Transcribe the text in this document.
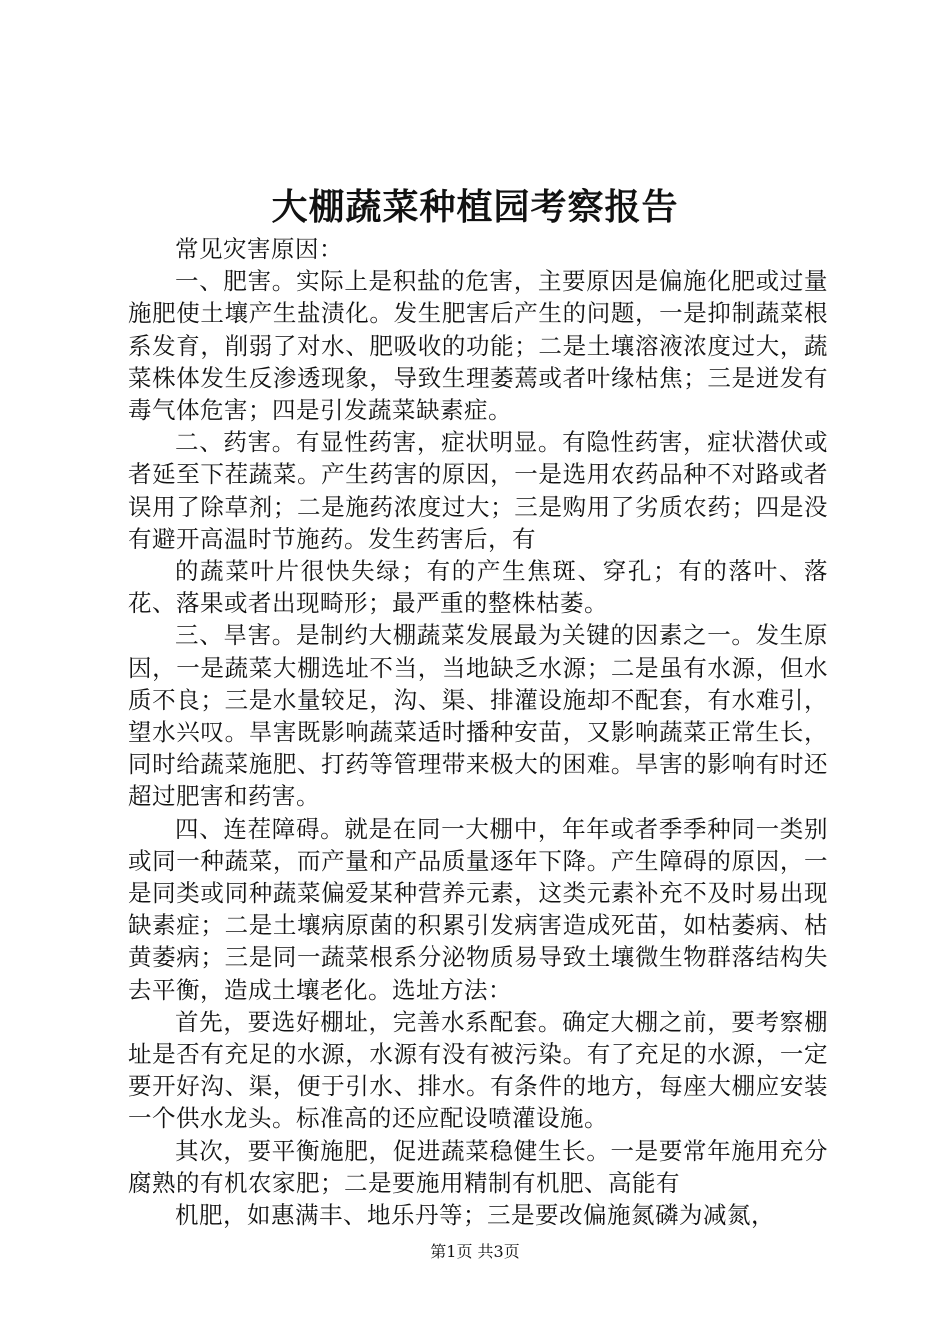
大棚蔬菜种植园考察报告

常见灾害原因：

一、肥害。实际上是积盐的危害，主要原因是偏施化肥或过量施肥使土壤产生盐渍化。发生肥害后产生的问题，一是抑制蔬菜根系发育，削弱了对水、肥吸收的功能；二是土壤溶液浓度过大，蔬菜株体发生反渗透现象，导致生理萎蔫或者叶缘枯焦；三是迸发有毒气体危害；四是引发蔬菜缺素症。

二、药害。有显性药害，症状明显。有隐性药害，症状潜伏或者延至下茬蔬菜。产生药害的原因，一是选用农药品种不对路或者误用了除草剂；二是施药浓度过大；三是购用了劣质农药；四是没有避开高温时节施药。发生药害后，有

的蔬菜叶片很快失绿；有的产生焦斑、穿孔；有的落叶、落花、落果或者出现畸形；最严重的整株枯萎。

三、旱害。是制约大棚蔬菜发展最为关键的因素之一。发生原因，一是蔬菜大棚选址不当，当地缺乏水源；二是虽有水源，但水质不良；三是水量较足，沟、渠、排灌设施却不配套，有水难引，望水兴叹。旱害既影响蔬菜适时播种安苗，又影响蔬菜正常生长，同时给蔬菜施肥、打药等管理带来极大的困难。旱害的影响有时还超过肥害和药害。

四、连茬障碍。就是在同一大棚中，年年或者季季种同一类别或同一种蔬菜，而产量和产品质量逐年下降。产生障碍的原因，一是同类或同种蔬菜偏爱某种营养元素，这类元素补充不及时易出现缺素症；二是土壤病原菌的积累引发病害造成死苗，如枯萎病、枯黄萎病；三是同一蔬菜根系分泌物质易导致土壤微生物群落结构失去平衡，造成土壤老化。选址方法：

首先，要选好棚址，完善水系配套。确定大棚之前，要考察棚址是否有充足的水源，水源有没有被污染。有了充足的水源，一定要开好沟、渠，便于引水、排水。有条件的地方，每座大棚应安装一个供水龙头。标准高的还应配设喷灌设施。

其次，要平衡施肥，促进蔬菜稳健生长。一是要常年施用充分腐熟的有机农家肥；二是要施用精制有机肥、高能有

机肥，如惠满丰、地乐丹等；三是要改偏施氮磷为减氮，

第1页 共3页
